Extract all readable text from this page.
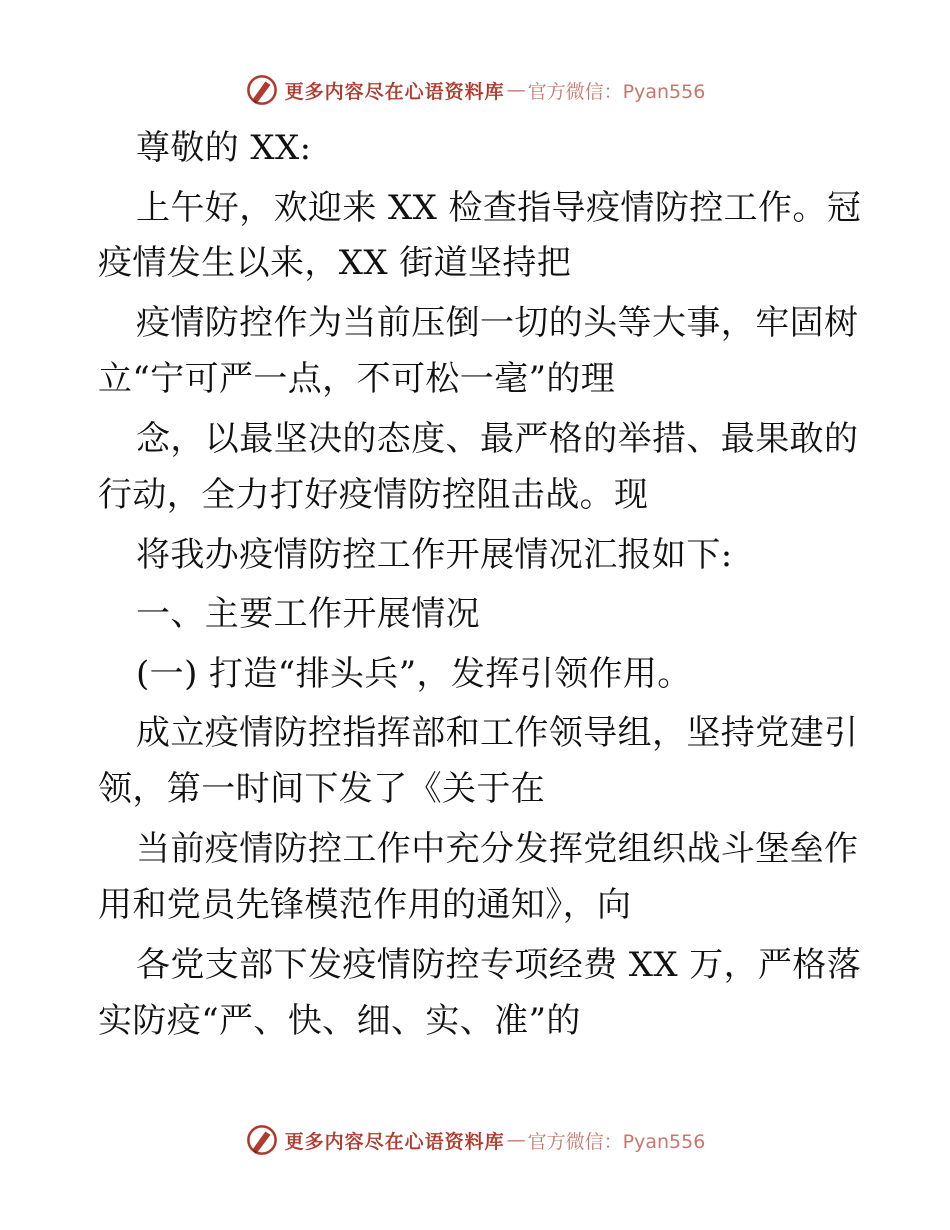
更多内容尽在心语资料库 — 官方微信：Pyan556
尊敬的 XX:
上午好，欢迎来 XX 检查指导疫情防控工作。冠
疫情发生以来，XX 街道坚持把
疫情防控作为当前压倒一切的头等大事，牢固树
立“宁可严一点，不可松一毫”的理
念，以最坚决的态度、最严格的举措、最果敢的
行动，全力打好疫情防控阻击战。现
将我办疫情防控工作开展情况汇报如下:
一、主要工作开展情况
(一) 打造“排头兵”，发挥引领作用。
成立疫情防控指挥部和工作领导组，坚持党建引
领，第一时间下发了《关于在
当前疫情防控工作中充分发挥党组织战斗堡垒作
用和党员先锋模范作用的通知》，向
各党支部下发疫情防控专项经费 XX 万，严格落
实防疫“严、快、细、实、准”的
更多内容尽在心语资料库 — 官方微信：Pyan556
